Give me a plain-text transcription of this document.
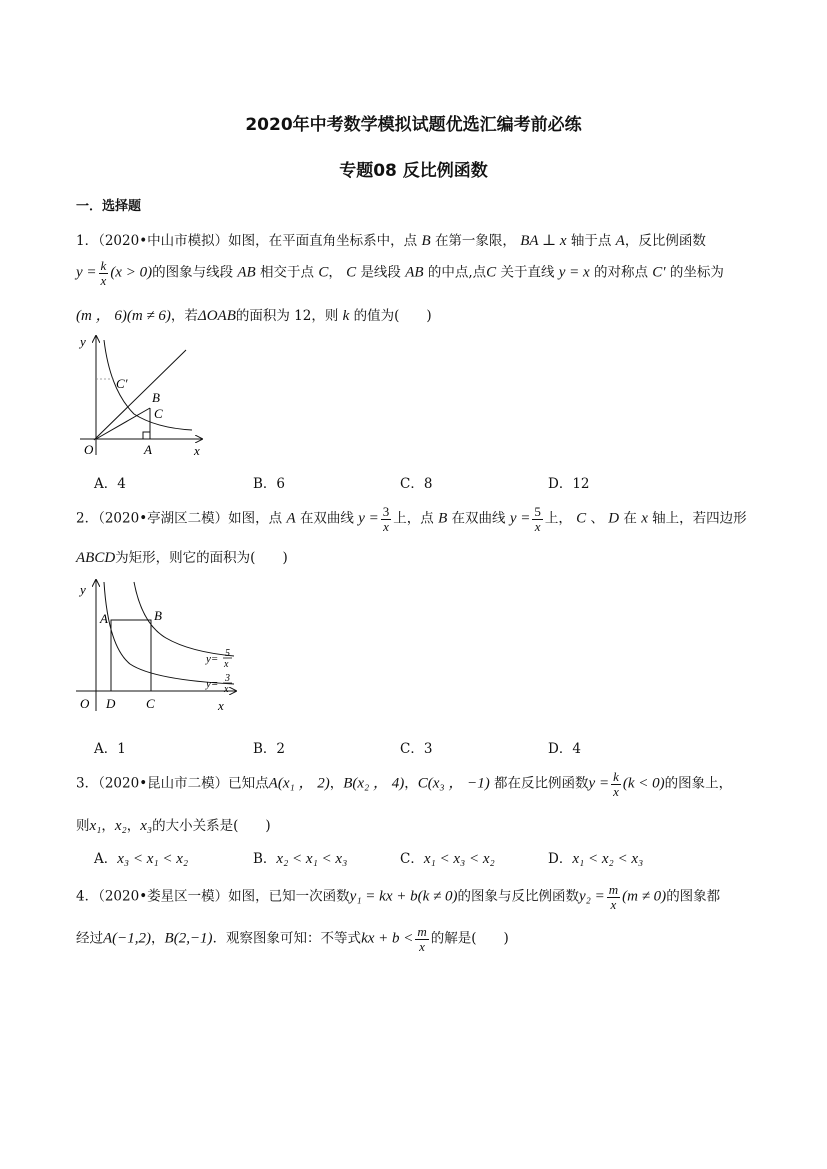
2020年中考数学模拟试题优选汇编考前必练
专题08 反比例函数
一．选择题
1．（2020•中山市模拟）如图，在平面直角坐标系中，点 B 在第一象限， BA ⊥ x 轴于点 A，反比例函数
$y = \frac{k}{x} (x > 0)$的图象与线段 AB 相交于点 C， C 是线段 AB 的中点,点C 关于直线 y = x 的对称点 C′ 的坐标为
(m ， 6)(m ≠ 6)，若ΔOAB的面积为 12，则 k 的值为(　　)
y
O	A	x
B
C
C′
A．4	B．6	C．8	D．12
2．（2020•亭湖区二模）如图，点 A 在双曲线 $y = \frac{3}{x}$ 上，点 B 在双曲线 $y = \frac{5}{x}$ 上， C 、 D 在 x 轴上，若四边形
ABCD为矩形，则它的面积为(　　)
y
O D C	x
A	B
y= 5
x
y= 3
x
A．1	B．2	C．3	D．4
3．（2020•昆山市二模）已知点A(x₁ ， 2)，B(x₂ ， 4)，C(x₃ ， −1) 都在反比例函数$y = \frac{k}{x} (k < 0)$的图象上，
则x₁，x₂，x₃的大小关系是(　　)
A．x₃ < x₁ < x₂	B．x₂ < x₁ < x₃	C．x₁ < x₃ < x₂	D．x₁ < x₂ < x₃
4．（2020•娄星区一模）如图，已知一次函数y₁ = kx + b(k ≠ 0)的图象与反比例函数$y_2 = \frac{m}{x} (m \ne 0)$的图象都
经过A(−1,2)，B(2,−1)．观察图象可知：不等式kx + $b < \frac{m}{x}$ 的解是(　　)
